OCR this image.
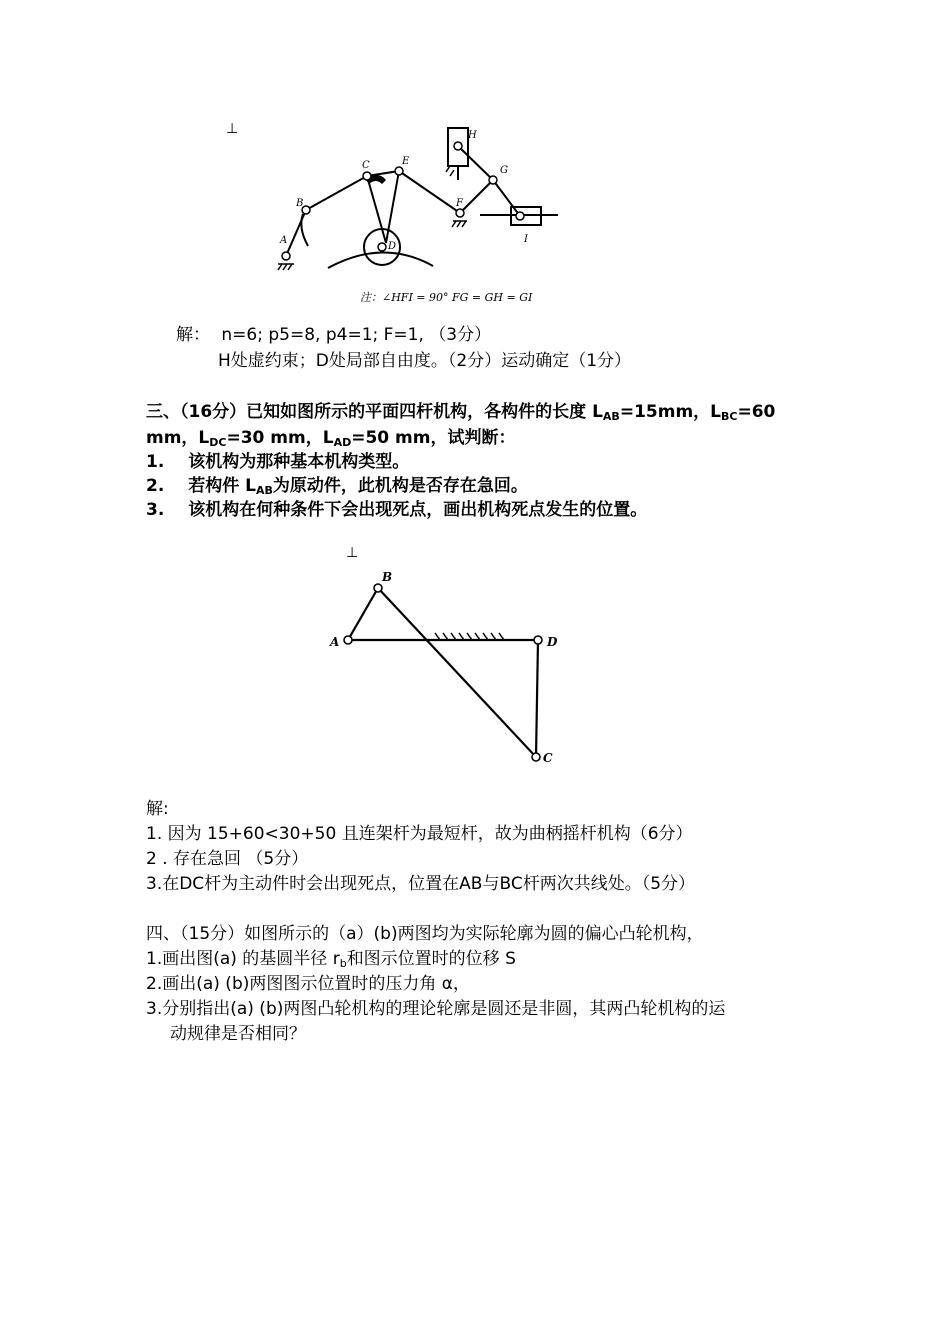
⊥
A
B
C
D
E
F
G
H
I
注：∠HFI = 90° FG = GH = GI
解： n=6; p5=8, p4=1; F=1, （3分）
H处虚约束；D处局部自由度。（2分）运动确定（1分）
三、（16分）已知如图所示的平面四杆机构，各构件的长度 $L_{AB}=15mm$，$L_{BC}=60$
mm，$L_{DC}=30$ mm，$L_{AD}=50$ mm，试判断：
1. 该机构为那种基本机构类型。
2. 若构件 $L_{AB}$为原动件，此机构是否存在急回。
3. 该机构在何种条件下会出现死点，画出机构死点发生的位置。
⊥
A
B
D
C
解:
1. 因为 15+60<30+50 且连架杆为最短杆，故为曲柄摇杆机构（6分）
2 . 存在急回 （5分）
3.在DC杆为主动件时会出现死点，位置在AB与BC杆两次共线处。（5分）
四、（15分）如图所示的（a）(b)两图均为实际轮廓为圆的偏心凸轮机构，
1.画出图(a) 的基圆半径 $r_b$和图示位置时的位移 S
2.画出(a) (b)两图图示位置时的压力角 α，
3.分别指出(a) (b)两图凸轮机构的理论轮廓是圆还是非圆，其两凸轮机构的运
动规律是否相同？
